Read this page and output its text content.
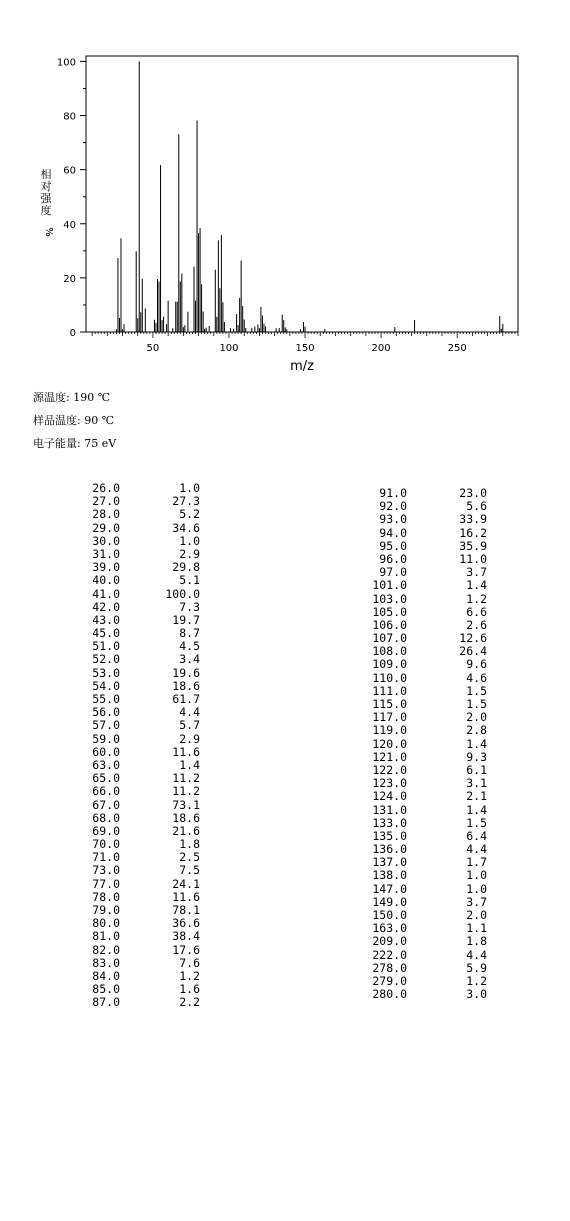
0
20
40
60
80
100
50	100	150	200	250
m/z
相
对
强
度
%
源温度: 190 ℃
样品温度: 90 ℃
电子能量: 75 eV
26.0	1.0
27.0	27.3
28.0	5.2
29.0	34.6
30.0	1.0
31.0	2.9
39.0	29.8
40.0	5.1
41.0	100.0
42.0	7.3
43.0	19.7
45.0	8.7
51.0	4.5
52.0	3.4
53.0	19.6
54.0	18.6
55.0	61.7
56.0	4.4
57.0	5.7
59.0	2.9
60.0	11.6
63.0	1.4
65.0	11.2
66.0	11.2
67.0	73.1
68.0	18.6
69.0	21.6
70.0	1.8
71.0	2.5
73.0	7.5
77.0	24.1
78.0	11.6
79.0	78.1
80.0	36.6
81.0	38.4
82.0	17.6
83.0	7.6
84.0	1.2
85.0	1.6
87.0	2.2
91.0	23.0
92.0	5.6
93.0	33.9
94.0	16.2
95.0	35.9
96.0	11.0
97.0	3.7
101.0	1.4
103.0	1.2
105.0	6.6
106.0	2.6
107.0	12.6
108.0	26.4
109.0	9.6
110.0	4.6
111.0	1.5
115.0	1.5
117.0	2.0
119.0	2.8
120.0	1.4
121.0	9.3
122.0	6.1
123.0	3.1
124.0	2.1
131.0	1.4
133.0	1.5
135.0	6.4
136.0	4.4
137.0	1.7
138.0	1.0
147.0	1.0
149.0	3.7
150.0	2.0
163.0	1.1
209.0	1.8
222.0	4.4
278.0	5.9
279.0	1.2
280.0	3.0
